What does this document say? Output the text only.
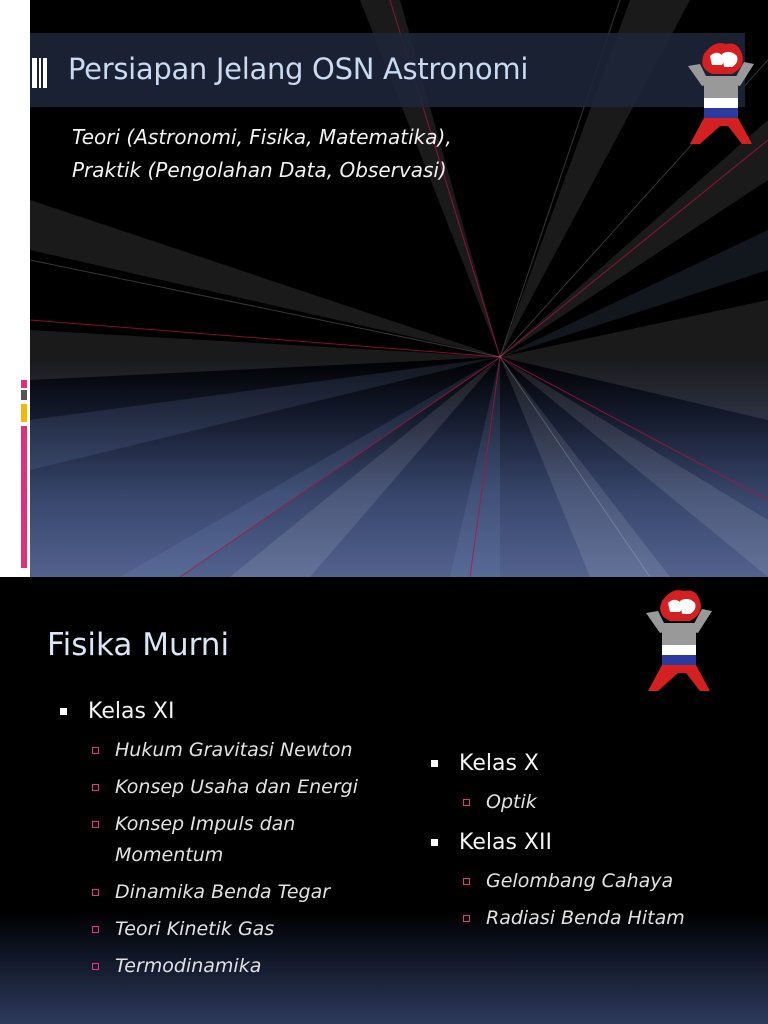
Persiapan Jelang OSN Astronomi
Teori (Astronomi, Fisika, Matematika),
Praktik (Pengolahan Data, Observasi)
Fisika Murni
Kelas XI
Hukum Gravitasi Newton
Konsep Usaha dan Energi
Konsep Impuls dan Momentum
Dinamika Benda Tegar
Teori Kinetik Gas
Termodinamika
Kelas X
Optik
Kelas XII
Gelombang Cahaya
Radiasi Benda Hitam
